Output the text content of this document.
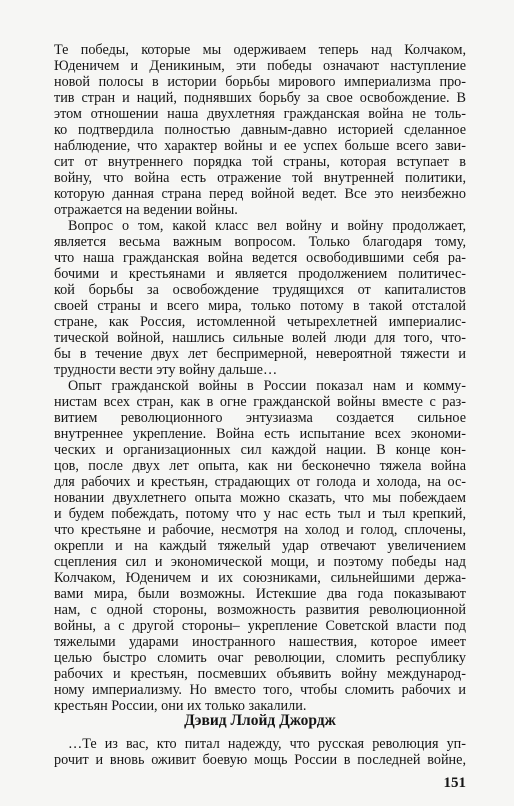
Те победы, которые мы одерживаем теперь над Колчаком,
Юденичем и Деникиным, эти победы означают наступление
новой полосы в истории борьбы мирового империализма про-
тив стран и наций, поднявших борьбу за свое освобождение. В
этом отношении наша двухлетняя гражданская война не толь-
ко подтвердила полностью давным-давно историей сделанное
наблюдение, что характер войны и ее успех больше всего зави-
сит от внутреннего порядка той страны, которая вступает в
войну, что война есть отражение той внутренней политики,
которую данная страна перед войной ведет. Все это неизбежно
отражается на ведении войны.
Вопрос о том, какой класс вел войну и войну продолжает,
является весьма важным вопросом. Только благодаря тому,
что наша гражданская война ведется освободившими себя ра-
бочими и крестьянами и является продолжением политичес-
кой борьбы за освобождение трудящихся от капиталистов
своей страны и всего мира, только потому в такой отсталой
стране, как Россия, истомленной четырехлетней империалис-
тической войной, нашлись сильные волей люди для того, что-
бы в течение двух лет беспримерной, невероятной тяжести и
трудности вести эту войну дальше…
Опыт гражданской войны в России показал нам и комму-
нистам всех стран, как в огне гражданской войны вместе с раз-
витием революционного энтузиазма создается сильное
внутреннее укрепление. Война есть испытание всех экономи-
ческих и организационных сил каждой нации. В конце кон-
цов, после двух лет опыта, как ни бесконечно тяжела война
для рабочих и крестьян, страдающих от голода и холода, на ос-
новании двухлетнего опыта можно сказать, что мы побеждаем
и будем побеждать, потому что у нас есть тыл и тыл крепкий,
что крестьяне и рабочие, несмотря на холод и голод, сплочены,
окрепли и на каждый тяжелый удар отвечают увеличением
сцепления сил и экономической мощи, и поэтому победы над
Колчаком, Юденичем и их союзниками, сильнейшими держа-
вами мира, были возможны. Истекшие два года показывают
нам, с одной стороны, возможность развития революционной
войны, а с другой стороны– укрепление Советской власти под
тяжелыми ударами иностранного нашествия, которое имеет
целью быстро сломить очаг революции, сломить республику
рабочих и крестьян, посмевших объявить войну международ-
ному империализму. Но вместо того, чтобы сломить рабочих и
крестьян России, они их только закалили.
Дэвид Ллойд Джордж
…Те из вас, кто питал надежду, что русская революция уп-
рочит и вновь оживит боевую мощь России в последней войне,
151
